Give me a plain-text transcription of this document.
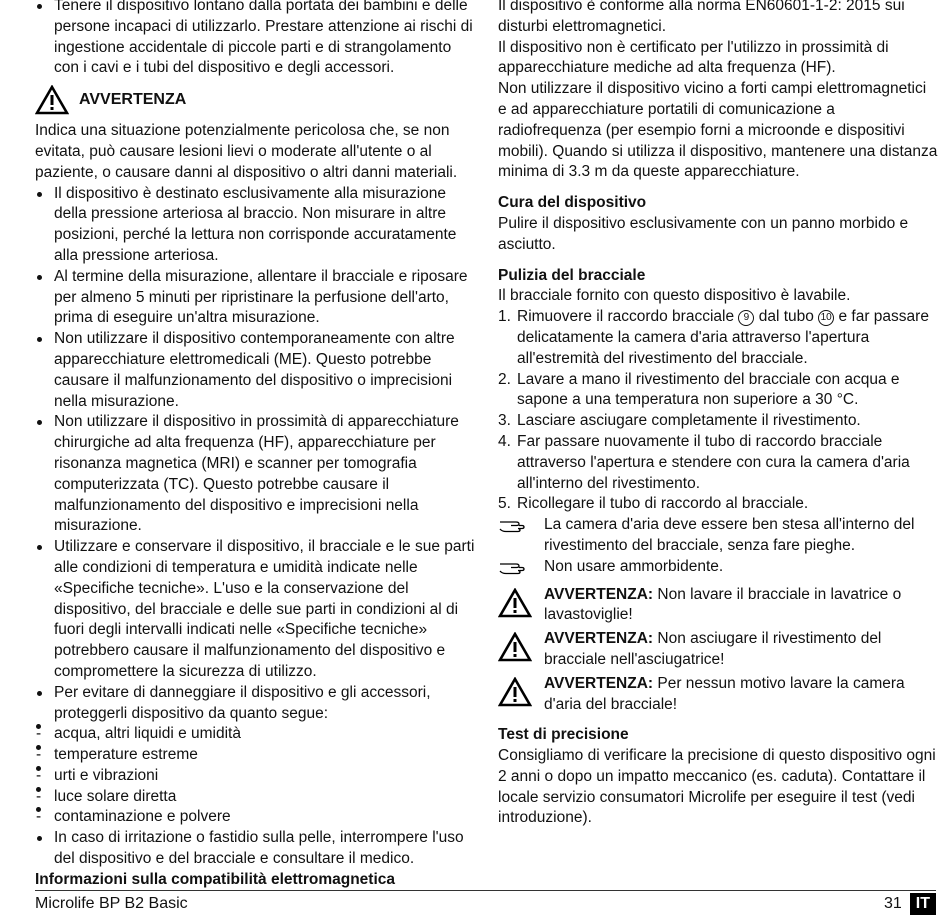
Tenere il dispositivo lontano dalla portata dei bambini e delle persone incapaci di utilizzarlo. Prestare attenzione ai rischi di ingestione accidentale di piccole parti e di strangolamento con i cavi e i tubi del dispositivo e degli accessori.
AVVERTENZA

Indica una situazione potenzialmente pericolosa che, se non evitata, può causare lesioni lievi o moderate all'utente o al paziente, o causare danni al dispositivo o altri danni materiali.

Il dispositivo è destinato esclusivamente alla misurazione della pressione arteriosa al braccio. Non misurare in altre posizioni, perché la lettura non corrisponde accuratamente alla pressione arteriosa.
Al termine della misurazione, allentare il bracciale e riposare per almeno 5 minuti per ripristinare la perfusione dell'arto, prima di eseguire un'altra misurazione.
Non utilizzare il dispositivo contemporaneamente con altre apparecchiature elettromedicali (ME). Questo potrebbe causare il malfunzionamento del dispositivo o imprecisioni nella misurazione.
Non utilizzare il dispositivo in prossimità di apparecchiature chirurgiche ad alta frequenza (HF), apparecchiature per risonanza magnetica (MRI) e scanner per tomografia computerizzata (TC). Questo potrebbe causare il malfunzionamento del dispositivo e imprecisioni nella misurazione.
Utilizzare e conservare il dispositivo, il bracciale e le sue parti alle condizioni di temperatura e umidità indicate nelle «Specifiche tecniche». L'uso e la conservazione del dispositivo, del bracciale e delle sue parti in condizioni al di fuori degli intervalli indicati nelle «Specifiche tecniche» potrebbero causare il malfunzionamento del dispositivo e compromettere la sicurezza di utilizzo.
Per evitare di danneggiare il dispositivo e gli accessori, proteggerli dispositivo da quanto segue:
- acqua, altri liquidi e umidità
- temperature estreme
- urti e vibrazioni
- luce solare diretta
- contaminazione e polvere
In caso di irritazione o fastidio sulla pelle, interrompere l'uso del dispositivo e del bracciale e consultare il medico.

Informazioni sulla compatibilità elettromagnetica

Il dispositivo è conforme alla norma EN60601-1-2: 2015 sui disturbi elettromagnetici.

Il dispositivo non è certificato per l'utilizzo in prossimità di apparecchiature mediche ad alta frequenza (HF).

Non utilizzare il dispositivo vicino a forti campi elettromagnetici e ad apparecchiature portatili di comunicazione a radiofrequenza (per esempio forni a microonde e dispositivi mobili). Quando si utilizza il dispositivo, mantenere una distanza minima di 3.3 m da queste apparecchiature.

Cura del dispositivo

Pulire il dispositivo esclusivamente con un panno morbido e asciutto.

Pulizia del bracciale

Il bracciale fornito con questo dispositivo è lavabile.

1. Rimuovere il raccordo bracciale 9 dal tubo 10 e far passare delicatamente la camera d'aria attraverso l'apertura all'estremità del rivestimento del bracciale.
2. Lavare a mano il rivestimento del bracciale con acqua e sapone a una temperatura non superiore a 30 °C.
3. Lasciare asciugare completamente il rivestimento.
4. Far passare nuovamente il tubo di raccordo bracciale attraverso l'apertura e stendere con cura la camera d'aria all'interno del rivestimento.
5. Ricollegare il tubo di raccordo al bracciale.
La camera d'aria deve essere ben stesa all'interno del rivestimento del bracciale, senza fare pieghe.
Non usare ammorbidente.
AVVERTENZA: Non lavare il bracciale in lavatrice o lavastoviglie!
AVVERTENZA: Non asciugare il rivestimento del bracciale nell'asciugatrice!
AVVERTENZA: Per nessun motivo lavare la camera d'aria del bracciale!

Test di precisione

Consigliamo di verificare la precisione di questo dispositivo ogni 2 anni o dopo un impatto meccanico (es. caduta). Contattare il locale servizio consumatori Microlife per eseguire il test (vedi introduzione).

Microlife BP B2 Basic	31 IT
